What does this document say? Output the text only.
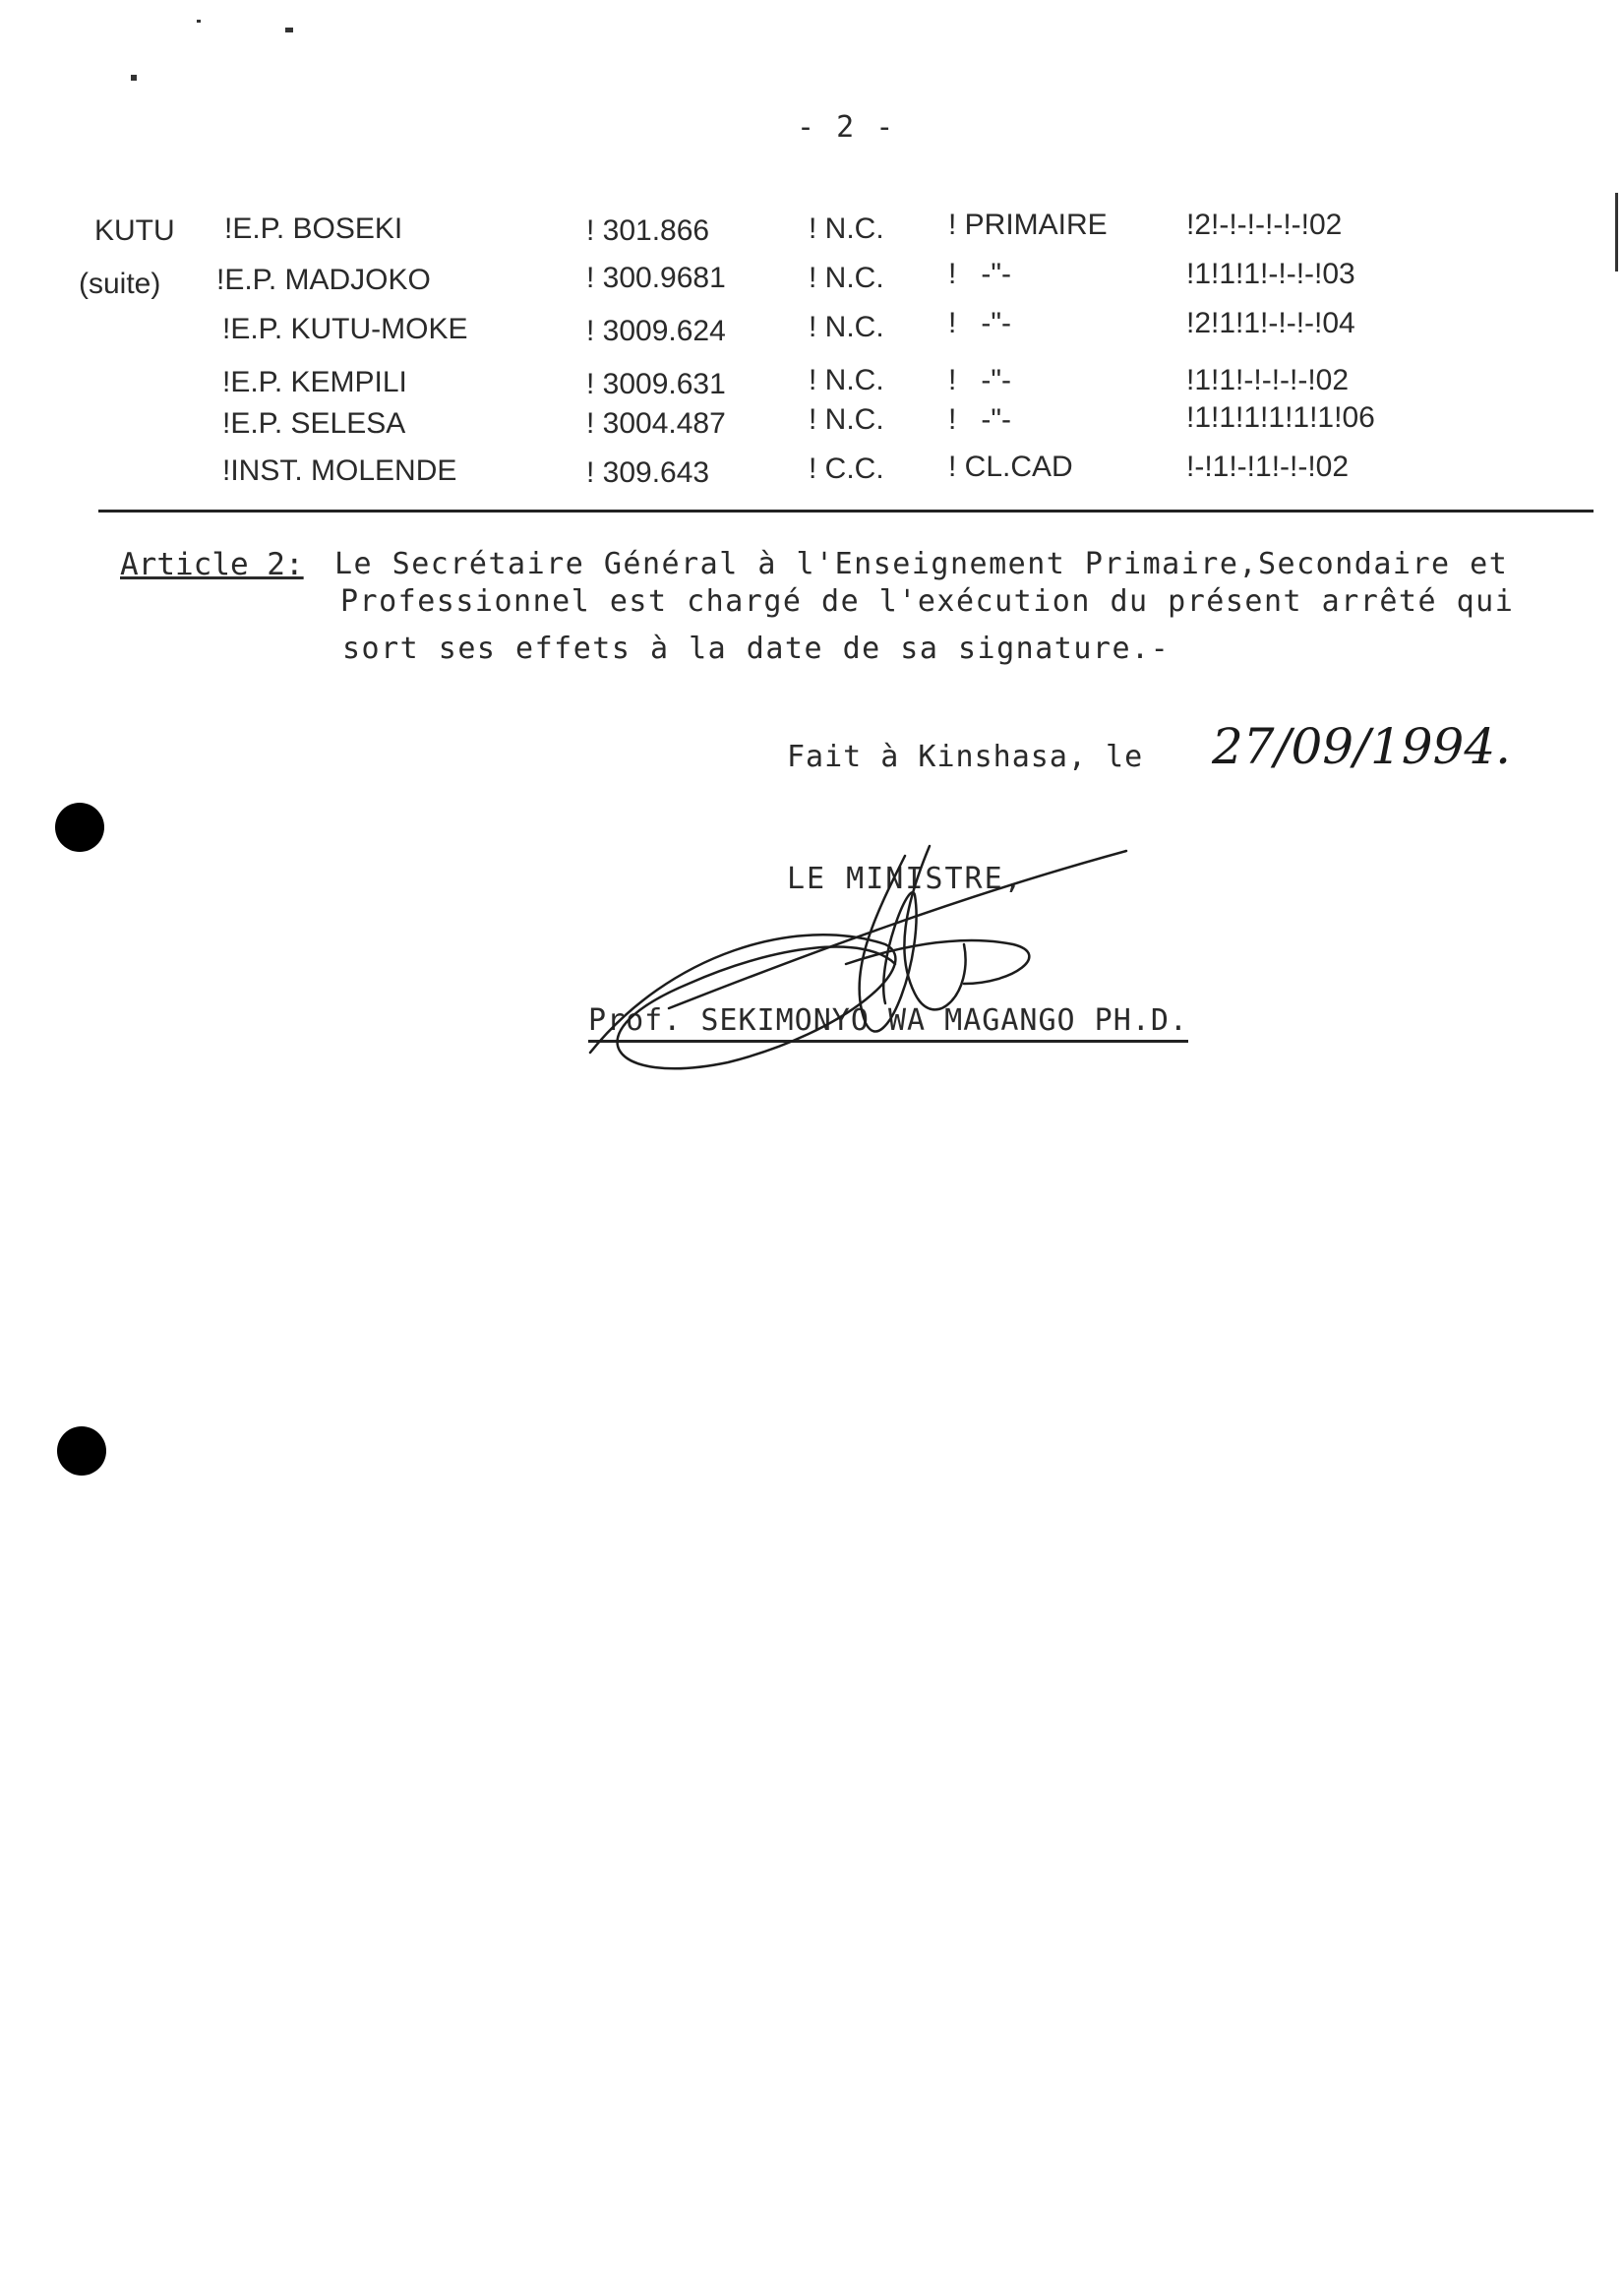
- 2 -
KUTU !E.P. BOSEKI	! 301.866	! N.C. ! PRIMAIRE	!2!-!-!-!-!-!02
(suite) !E.P. MADJOKO	! 300.9681	! N.C. !   -"-	!1!1!1!-!-!-!03
!E.P. KUTU-MOKE	! 3009.624	! N.C. !   -"-	!2!1!1!-!-!-!04
!E.P. KEMPILI	! 3009.631	! N.C. !   -"-	!1!1!-!-!-!-!02
!E.P. SELESA	! 3004.487	! N.C. !   -"-	!1!1!1!1!1!1!06
!INST. MOLENDE	! 309.643	! C.C. ! CL.CAD	!-!1!-!1!-!-!02
Article 2: Le Secrétaire Général à l'Enseignement Primaire,Secondaire et
Professionnel est chargé de l'exécution du présent arrêté qui
sort ses effets à la date de sa signature.-
Fait à Kinshasa, le 27/09/1994.
LE MINISTRE,
Prof. SEKIMONYO WA MAGANGO PH.D.
